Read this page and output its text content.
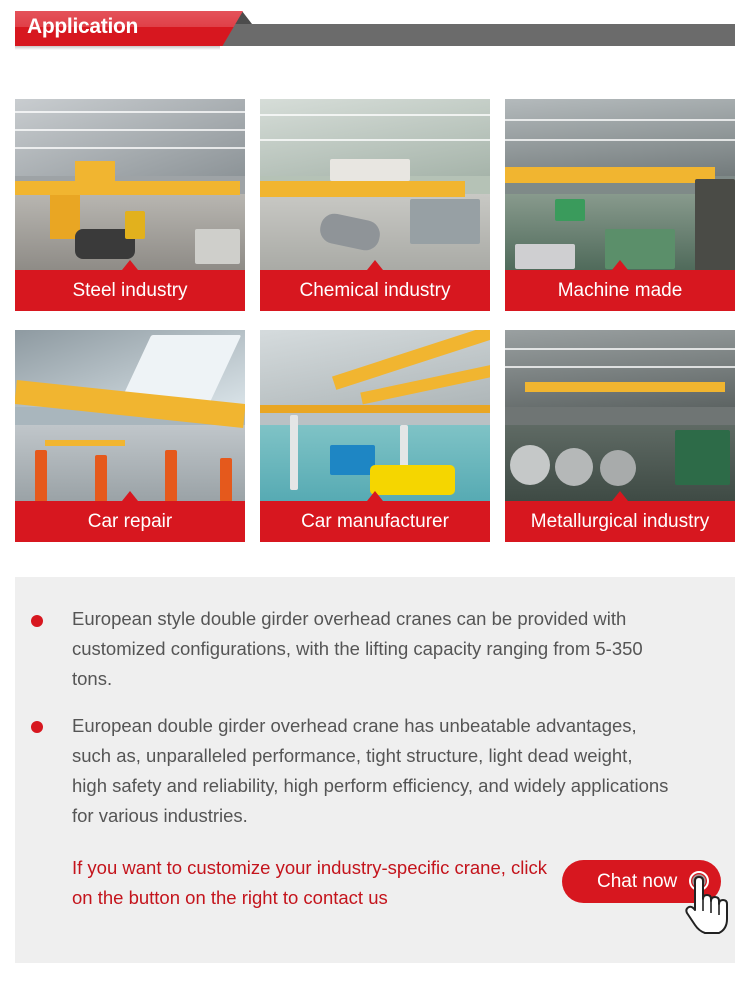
Application
Steel industry	Chemical industry	Machine made
Car repair	Car manufacturer	Metallurgical industry
European style double girder overhead cranes can be provided with customized configurations, with the lifting capacity ranging from 5-350 tons.
European double girder overhead crane has unbeatable advantages, such as, unparalleled performance, tight structure, light dead weight, high safety and reliability, high perform efficiency, and widely applications for various industries.
If you want to customize your industry-specific crane, click on the button on the right to contact us
Chat now
